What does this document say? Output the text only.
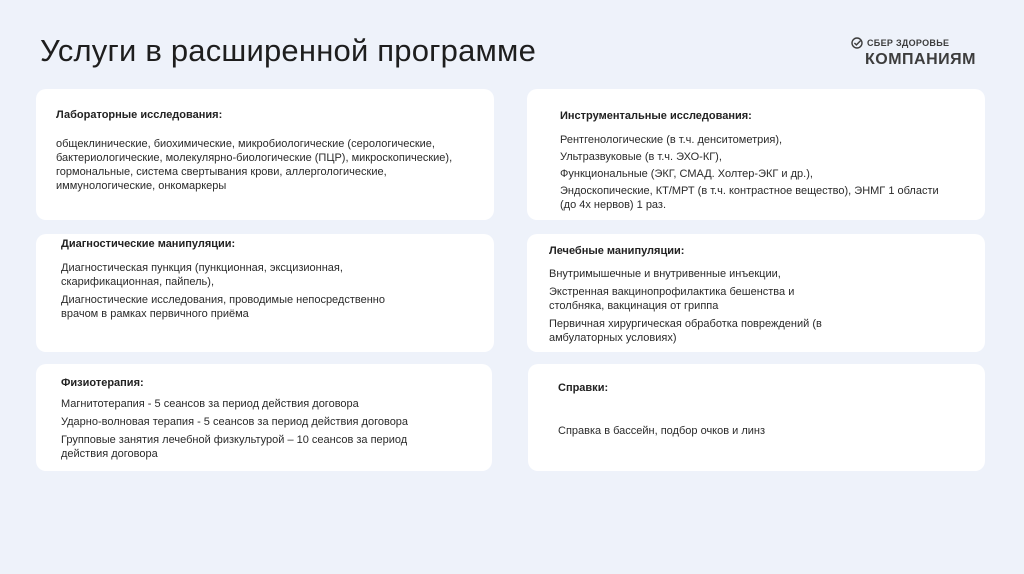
Услуги в расширенной программе	СБЕР ЗДОРОВЬЕ
КОМПАНИЯМ
Лабораторные исследования:
общеклинические, биохимические, микробиологические (серологические, бактериологические, молекулярно-биологические (ПЦР), микроскопические), гормональные, система свертывания крови, аллергологические, иммунологические, онкомаркеры
Инструментальные исследования:
Рентгенологические (в т.ч. денситометрия),
Ультразвуковые (в т.ч. ЭХО-КГ),
Функциональные (ЭКГ, СМАД. Холтер-ЭКГ и др.),
Эндоскопические, КТ/МРТ (в т.ч. контрастное вещество), ЭНМГ 1 области (до 4х нервов) 1 раз.
Диагностические манипуляции:
Диагностическая пункция (пункционная, эксцизионная, скарификационная, пайпель),
Диагностические исследования, проводимые непосредственно врачом в рамках первичного приёма
Лечебные манипуляции:
Внутримышечные и внутривенные инъекции,
Экстренная вакцинопрофилактика бешенства и столбняка, вакцинация от гриппа
Первичная хирургическая обработка повреждений (в амбулаторных условиях)
Физиотерапия:
Магнитотерапия - 5 сеансов за период действия договора
Ударно-волновая терапия - 5 сеансов за период действия договора
Групповые занятия лечебной физкультурой – 10 сеансов за период действия договора
Справки:
Справка в бассейн, подбор очков и линз
